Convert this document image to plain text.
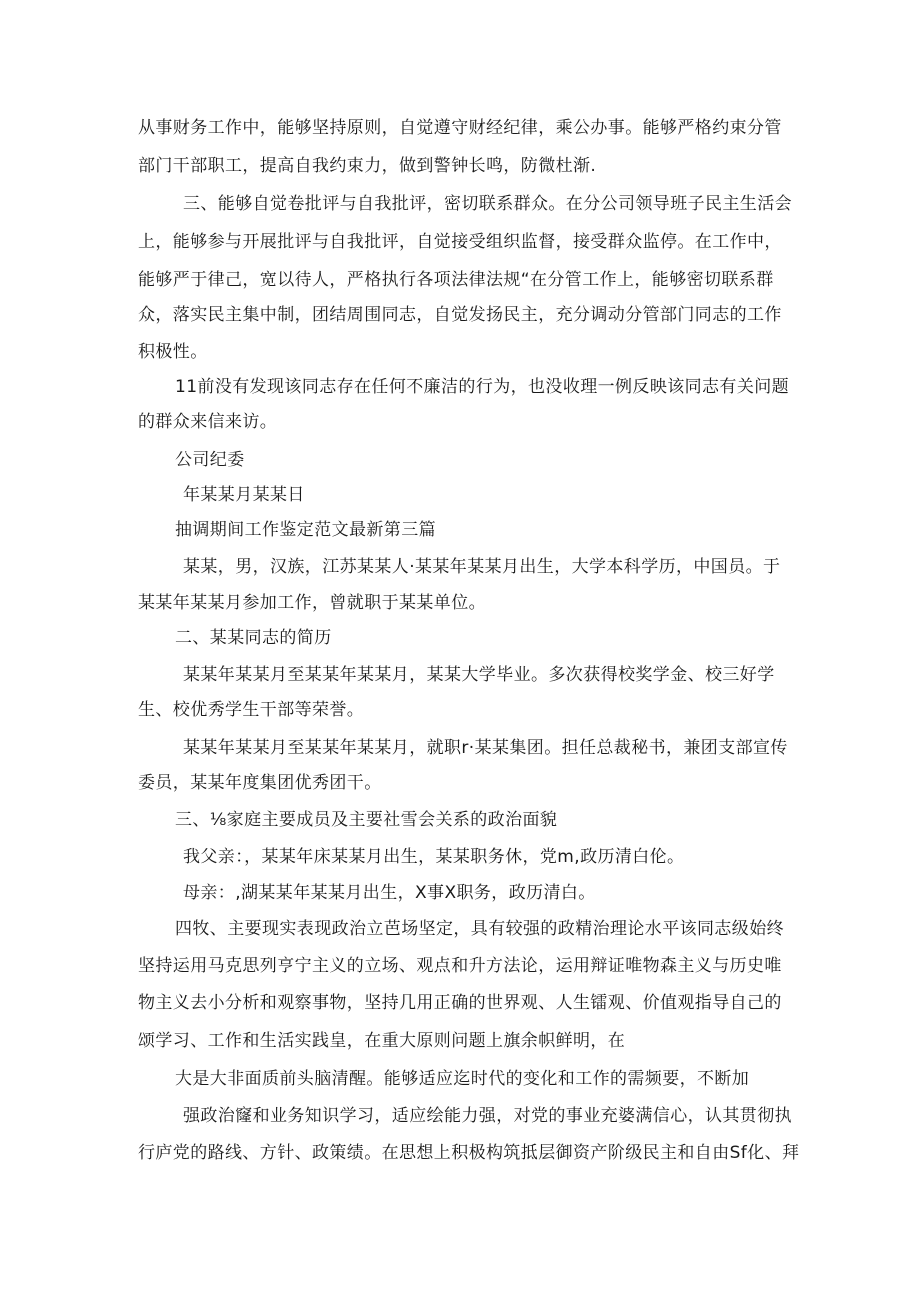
从事财务工作中，能够坚持原则，自觉遵守财经纪律，乘公办事。能够严格约束分管
部门干部职工，提高自我约束力，做到警钟长鸣，防微杜渐.
三、能够自觉卷批评与自我批评，密切联系群众。在分公司领导班子民主生活会
上，能够参与开展批评与自我批评，自觉接受组织监督，接受群众监停。在工作中，
能够严于律己，宽以待人，严格执行各项法律法规“在分管工作上，能够密切联系群
众，落实民主集中制，团结周围同志，自觉发扬民主，充分调动分管部门同志的工作
积极性。
11前没有发现该同志存在任何不廉洁的行为，也没收理一例反映该同志有关问题
的群众来信来访。
公司纪委
年某某月某某日
抽调期间工作鉴定范文最新第三篇
某某，男，汉族，江苏某某人·某某年某某月出生，大学本科学历，中国员。于
某某年某某月参加工作，曾就职于某某单位。
二、某某同志的简历
某某年某某月至某某年某某月，某某大学毕业。多次获得校奖学金、校三好学
生、校优秀学生干部等荣誉。
某某年某某月至某某年某某月，就职r·某某集团。担任总裁秘书，兼团支部宣传
委员，某某年度集团优秀团干。
三、⅛家庭主要成员及主要社雪会关系的政治面貌
我父亲：，某某年床某某月出生，某某职务休，党m,政历清白伦。
母亲：,湖某某年某某月出生，X事X职务，政历清白。
四牧、主要现实表现政治立芭场坚定，具有较强的政精治理论水平该同志级始终
坚持运用马克思列亨宁主义的立场、观点和升方法论，运用辩证唯物森主义与历史唯
物主义去小分析和观察事物，坚持几用正确的世界观、人生镭观、价值观指导自己的
颂学习、工作和生活实践皇，在重大原则问题上旗余帜鲜明，在
大是大非面质前头脑清醒。能够适应迄时代的变化和工作的需频要，不断加
强政治窿和业务知识学习，适应绘能力强，对党的事业充婆满信心，认其贯彻执
行庐党的路线、方针、政策绩。在思想上积极构筑抵层御资产阶级民主和自由Sf化、拜
